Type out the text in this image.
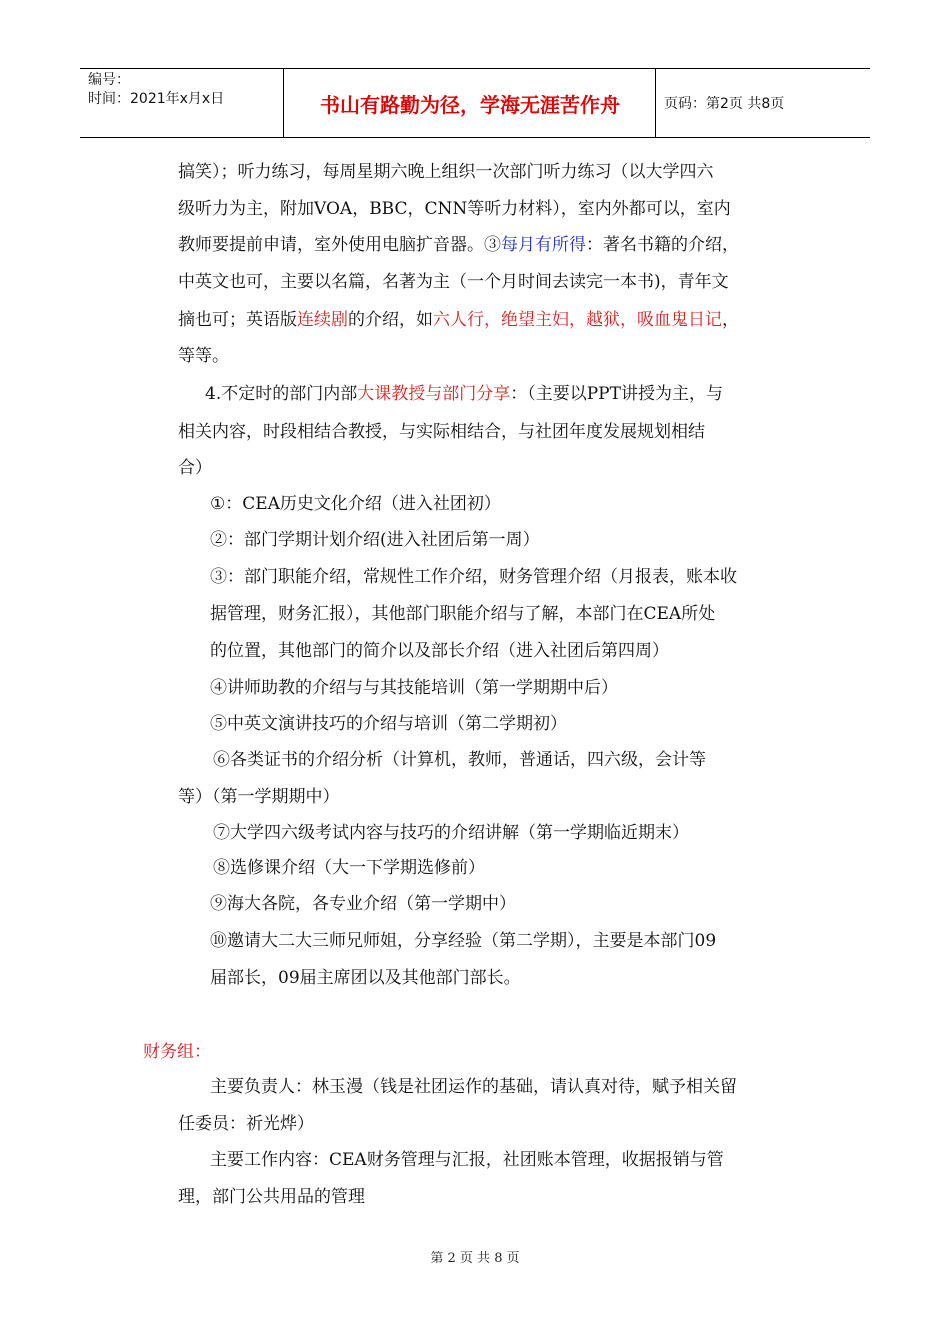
编号：
时间：2021年x月x日	书山有路勤为径，学海无涯苦作舟	页码：第2页 共8页
搞笑）；听力练习，每周星期六晚上组织一次部门听力练习（以大学四六
级听力为主，附加VOA，BBC，CNN等听力材料），室内外都可以，室内
教师要提前申请，室外使用电脑扩音器。③每月有所得：著名书籍的介绍，
中英文也可，主要以名篇，名著为主（一个月时间去读完一本书)，青年文
摘也可；英语版连续剧的介绍，如六人行，绝望主妇，越狱，吸血鬼日记，
等等。
4.不定时的部门内部大课教授与部门分享：（主要以PPT讲授为主，与
相关内容，时段相结合教授，与实际相结合，与社团年度发展规划相结
合）
①：CEA历史文化介绍（进入社团初）
②：部门学期计划介绍(进入社团后第一周）
③：部门职能介绍，常规性工作介绍，财务管理介绍（月报表，账本收
据管理，财务汇报），其他部门职能介绍与了解，本部门在CEA所处
的位置，其他部门的简介以及部长介绍（进入社团后第四周）
④讲师助教的介绍与与其技能培训（第一学期期中后）
⑤中英文演讲技巧的介绍与培训（第二学期初）
⑥各类证书的介绍分析（计算机，教师，普通话，四六级，会计等
等）（第一学期期中）
⑦大学四六级考试内容与技巧的介绍讲解（第一学期临近期末）
⑧选修课介绍（大一下学期选修前）
⑨海大各院，各专业介绍（第一学期中）
⑩邀请大二大三师兄师姐，分享经验（第二学期），主要是本部门09
届部长，09届主席团以及其他部门部长。
财务组：
主要负责人：林玉漫（钱是社团运作的基础，请认真对待，赋予相关留
任委员：祈光烨）
主要工作内容：CEA财务管理与汇报，社团账本管理，收据报销与管
理，部门公共用品的管理
第 2 页 共 8 页
